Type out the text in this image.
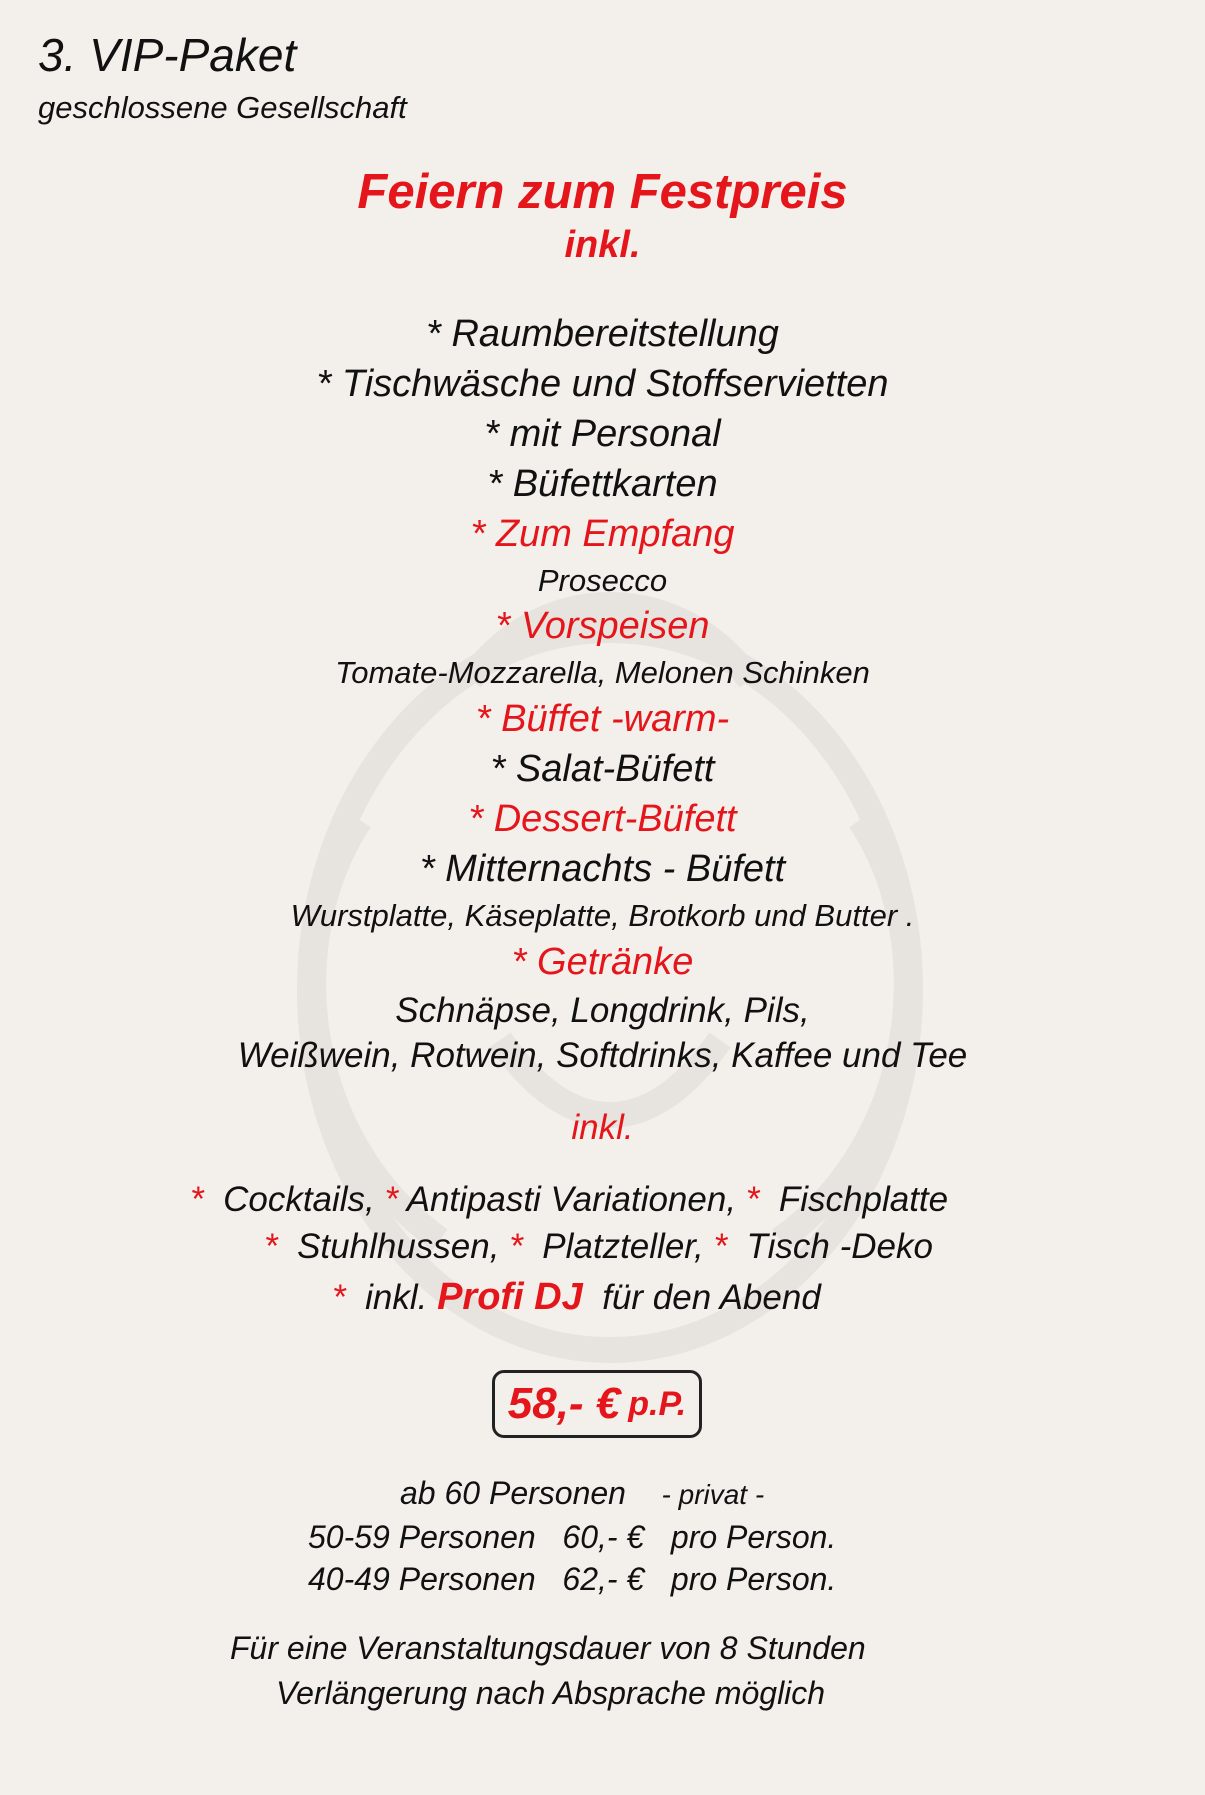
3. VIP-Paket
geschlossene Gesellschaft
Feiern zum Festpreis
inkl.
* Raumbereitstellung
* Tischwäsche und Stoffservietten
* mit Personal
* Büfettkarten
* Zum Empfang
Prosecco
* Vorspeisen
Tomate-Mozzarella, Melonen Schinken
* Büffet -warm-
* Salat-Büfett
* Dessert-Büfett
* Mitternachts - Büfett
Wurstplatte, Käseplatte, Brotkorb und Butter .
* Getränke
Schnäpse, Longdrink, Pils,
Weißwein, Rotwein, Softdrinks, Kaffee und Tee
inkl.
* Cocktails, * Antipasti Variationen, * Fischplatte
* Stuhlhussen, * Platzteller, * Tisch -Deko
* inkl. Profi DJ für den Abend
58,- € p.P.
ab 60 Personen - privat -
50-59 Personen 60,- € pro Person.
40-49 Personen 62,- € pro Person.
Für eine Veranstaltungsdauer von 8 Stunden
Verlängerung nach Absprache möglich
